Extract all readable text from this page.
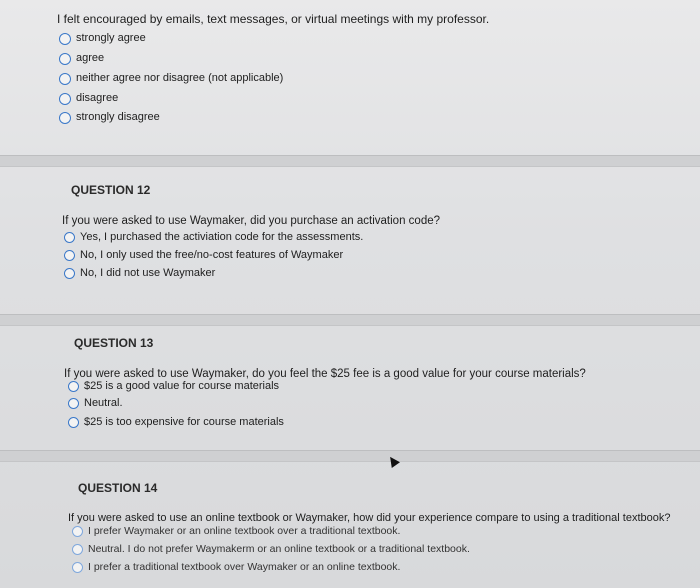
I felt encouraged by emails, text messages, or virtual meetings with my professor.
strongly agree
agree
neither agree nor disagree (not applicable)
disagree
strongly disagree
QUESTION 12
If you were asked to use Waymaker, did you purchase an activation code?
Yes, I purchased the activiation code for the assessments.
No, I only used the free/no-cost features of Waymaker
No, I did not use Waymaker
QUESTION 13
If you were asked to use Waymaker, do you feel the $25 fee is a good value for your course materials?
$25 is a good value for course materials
Neutral.
$25 is too expensive for course materials
QUESTION 14
If you were asked to use an online textbook or Waymaker, how did your experience compare to using a traditional textbook?
I prefer Waymaker or an online textbook over a traditional textbook.
Neutral. I do not prefer Waymakerm or an online textbook or a traditional textbook.
I prefer a traditional textbook over Waymaker or an online textbook.
